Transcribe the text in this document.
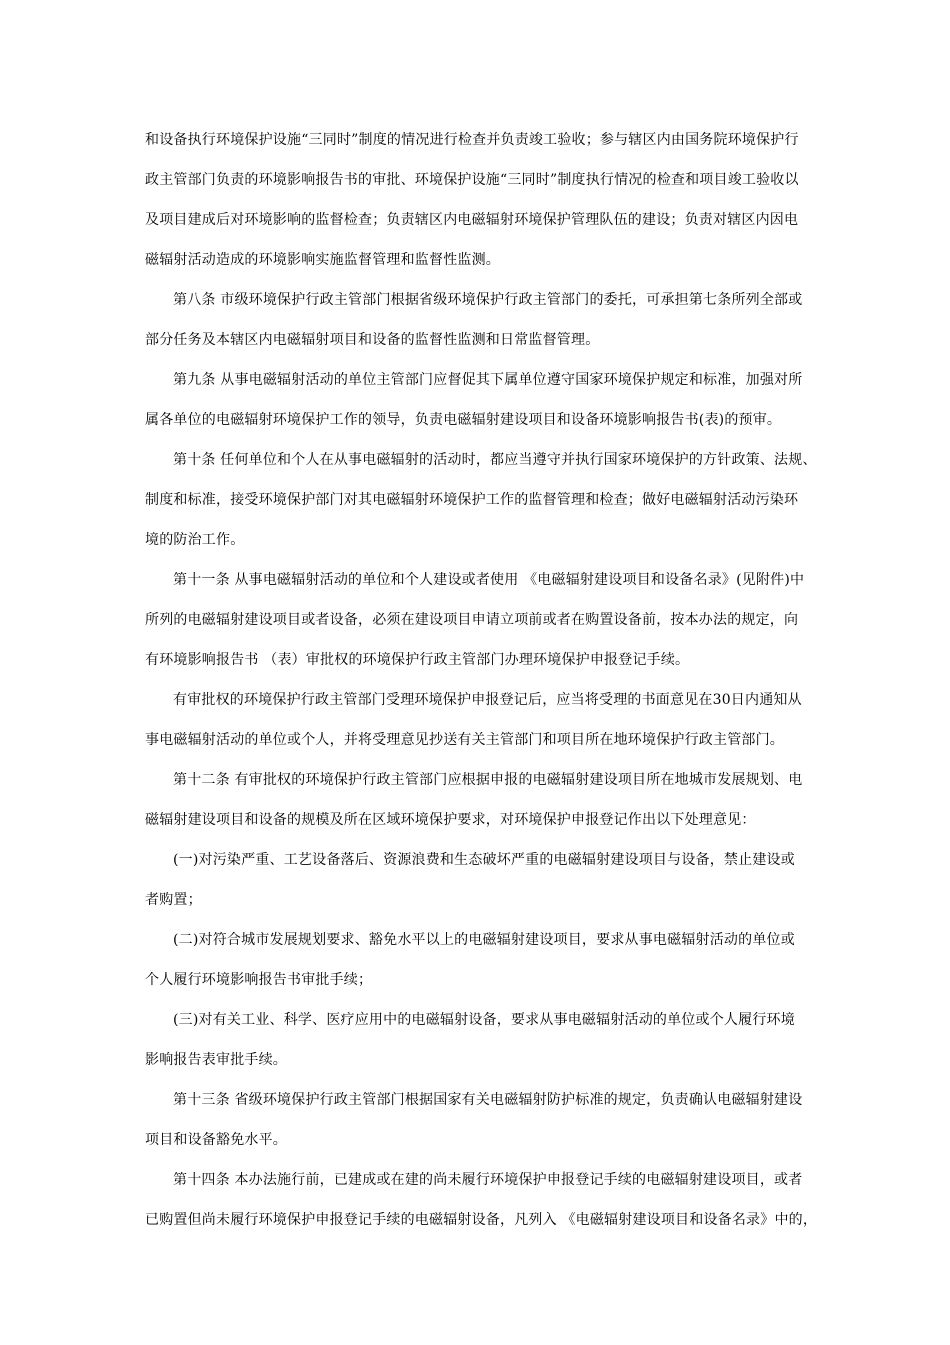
和设备执行环境保护设施“三同时”制度的情况进行检查并负责竣工验收；参与辖区内由国务院环境保护行
政主管部门负责的环境影响报告书的审批、环境保护设施“三同时”制度执行情况的检查和项目竣工验收以
及项目建成后对环境影响的监督检查；负责辖区内电磁辐射环境保护管理队伍的建设；负责对辖区内因电
磁辐射活动造成的环境影响实施监督管理和监督性监测。
第八条 市级环境保护行政主管部门根据省级环境保护行政主管部门的委托，可承担第七条所列全部或
部分任务及本辖区内电磁辐射项目和设备的监督性监测和日常监督管理。
第九条 从事电磁辐射活动的单位主管部门应督促其下属单位遵守国家环境保护规定和标准，加强对所
属各单位的电磁辐射环境保护工作的领导，负责电磁辐射建设项目和设备环境影响报告书(表)的预审。
第十条 任何单位和个人在从事电磁辐射的活动时，都应当遵守并执行国家环境保护的方针政策、法规、
制度和标准，接受环境保护部门对其电磁辐射环境保护工作的监督管理和检查；做好电磁辐射活动污染环
境的防治工作。
第十一条 从事电磁辐射活动的单位和个人建设或者使用 《电磁辐射建设项目和设备名录》(见附件)中
所列的电磁辐射建设项目或者设备，必须在建设项目申请立项前或者在购置设备前，按本办法的规定，向
有环境影响报告书 （表）审批权的环境保护行政主管部门办理环境保护申报登记手续。
有审批权的环境保护行政主管部门受理环境保护申报登记后，应当将受理的书面意见在30日内通知从
事电磁辐射活动的单位或个人，并将受理意见抄送有关主管部门和项目所在地环境保护行政主管部门。
第十二条 有审批权的环境保护行政主管部门应根据申报的电磁辐射建设项目所在地城市发展规划、电
磁辐射建设项目和设备的规模及所在区域环境保护要求，对环境保护申报登记作出以下处理意见：
(一)对污染严重、工艺设备落后、资源浪费和生态破坏严重的电磁辐射建设项目与设备，禁止建设或
者购置；
(二)对符合城市发展规划要求、豁免水平以上的电磁辐射建设项目，要求从事电磁辐射活动的单位或
个人履行环境影响报告书审批手续；
(三)对有关工业、科学、医疗应用中的电磁辐射设备，要求从事电磁辐射活动的单位或个人履行环境
影响报告表审批手续。
第十三条 省级环境保护行政主管部门根据国家有关电磁辐射防护标准的规定，负责确认电磁辐射建设
项目和设备豁免水平。
第十四条 本办法施行前，已建成或在建的尚未履行环境保护申报登记手续的电磁辐射建设项目，或者
已购置但尚未履行环境保护申报登记手续的电磁辐射设备，凡列入 《电磁辐射建设项目和设备名录》中的，
